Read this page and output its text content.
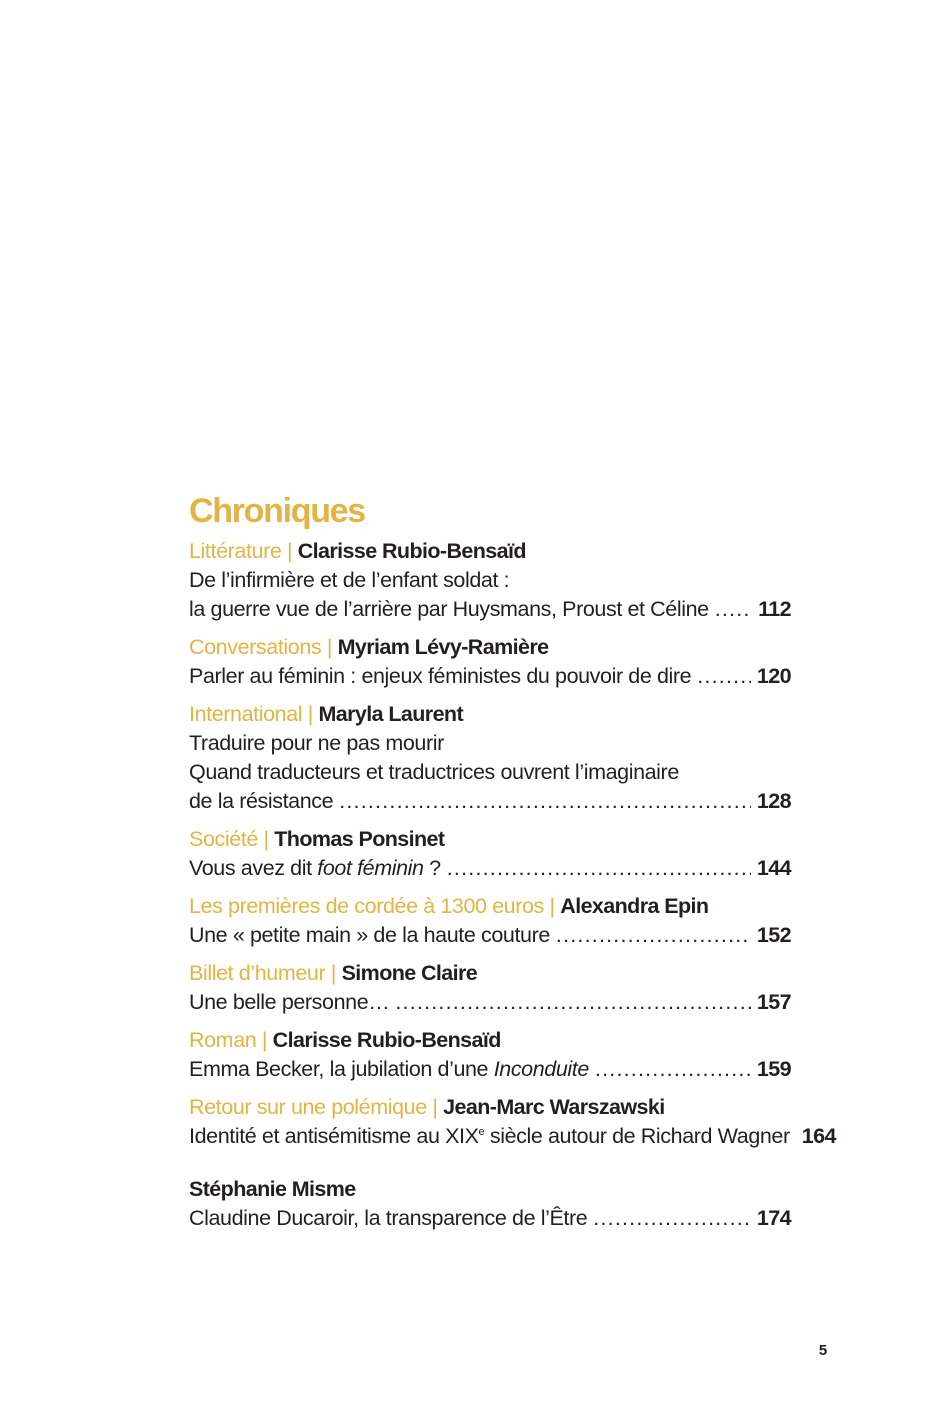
Chroniques
Littérature | Clarisse Rubio-Bensaïd
De l’infirmière et de l’enfant soldat :
la guerre vue de l’arrière par Huysmans, Proust et Céline ..... 112
Conversations | Myriam Lévy-Ramière
Parler au féminin : enjeux féministes du pouvoir de dire .....	120
International | Maryla Laurent
Traduire pour ne pas mourir
Quand traducteurs et traductrices ouvrent l’imaginaire
de la résistance .....	128
Société | Thomas Ponsinet
Vous avez dit foot féminin ? .....	144
Les premières de cordée à 1300 euros | Alexandra Epin
Une « petite main » de la haute couture .....	152
Billet d’humeur | Simone Claire
Une belle personne… .....	157
Roman | Clarisse Rubio-Bensaïd
Emma Becker, la jubilation d’une Inconduite .....	159
Retour sur une polémique | Jean-Marc Warszawski
Identité et antisémitisme au XIXe siècle autour de Richard Wagner 164
Stéphanie Misme
Claudine Ducaroir, la transparence de l’Être .....	174
5
